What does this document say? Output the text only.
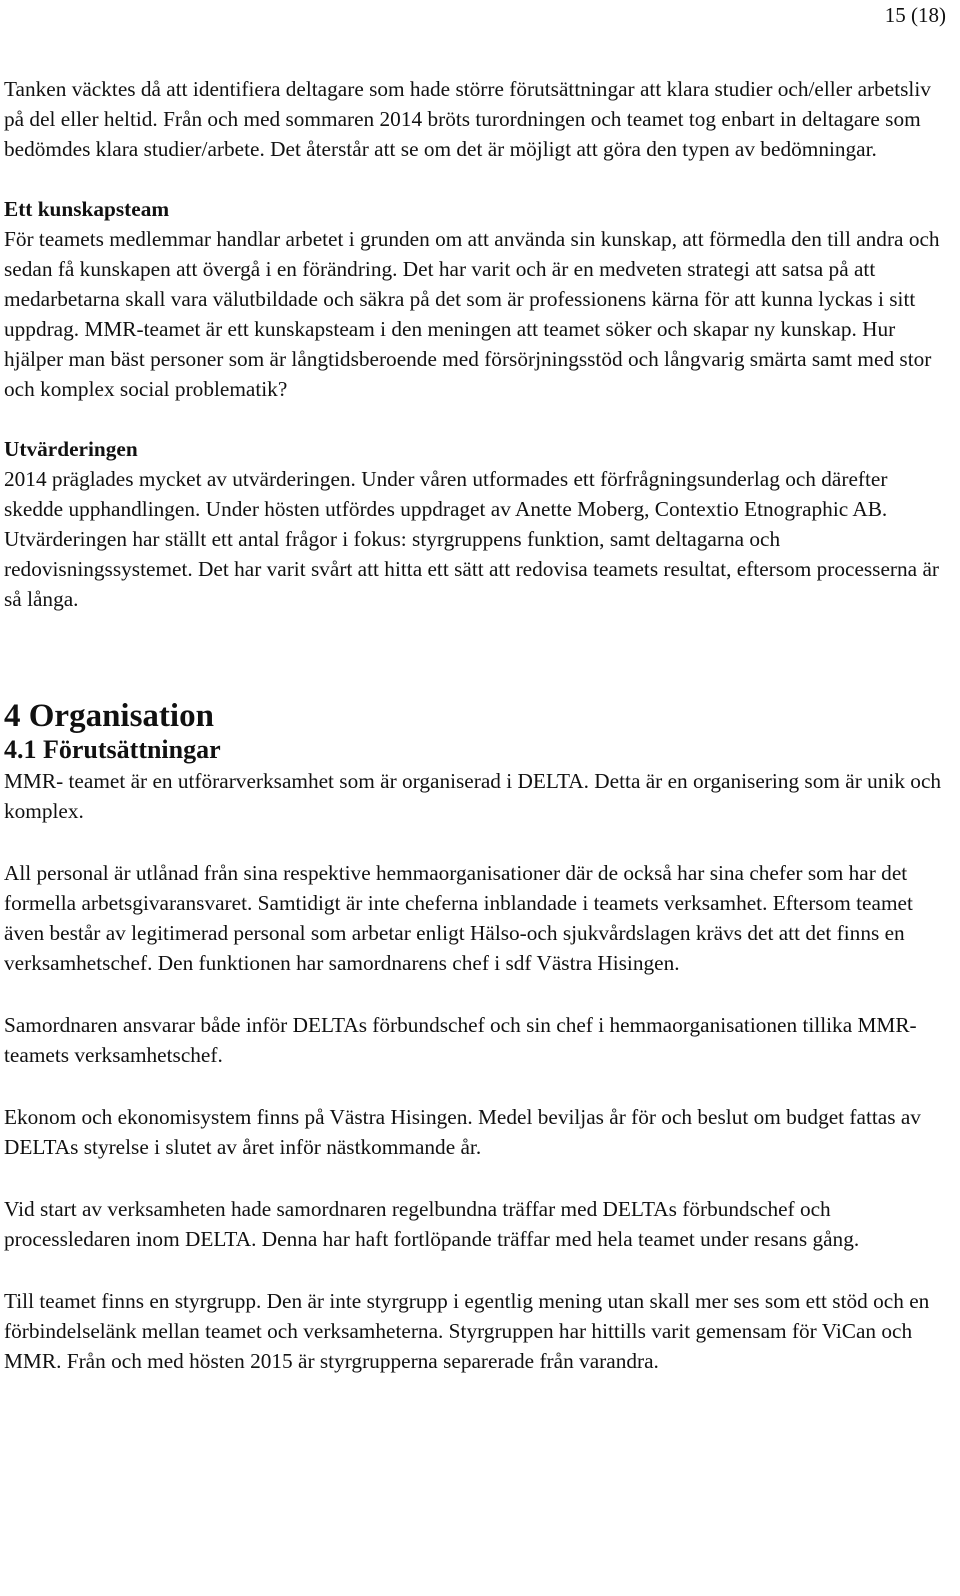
15 (18)

Tanken väcktes då att identifiera deltagare som hade större förutsättningar att klara studier och/eller arbetsliv på del eller heltid. Från och med sommaren 2014 bröts turordningen och teamet tog enbart in deltagare som bedömdes klara studier/arbete. Det återstår att se om det är möjligt att göra den typen av bedömningar.

Ett kunskapsteam

För teamets medlemmar handlar arbetet i grunden om att använda sin kunskap, att förmedla den till andra och sedan få kunskapen att övergå i en förändring. Det har varit och är en medveten strategi att satsa på att medarbetarna skall vara välutbildade och säkra på det som är professionens kärna för att kunna lyckas i sitt uppdrag. MMR-teamet är ett kunskapsteam i den meningen att teamet söker och skapar ny kunskap. Hur hjälper man bäst personer som är långtidsberoende med försörjningsstöd och långvarig smärta samt med stor och komplex social problematik?

Utvärderingen

2014 präglades mycket av utvärderingen. Under våren utformades ett förfrågningsunderlag och därefter skedde upphandlingen. Under hösten utfördes uppdraget av Anette Moberg, Contextio Etnographic AB. Utvärderingen har ställt ett antal frågor i fokus: styrgruppens funktion, samt deltagarna och redovisningssystemet. Det har varit svårt att hitta ett sätt att redovisa teamets resultat, eftersom processerna är så långa.

4 Organisation
4.1 Förutsättningar

MMR- teamet är en utförarverksamhet som är organiserad i DELTA. Detta är en organisering som är unik och komplex.

All personal är utlånad från sina respektive hemmaorganisationer där de också har sina chefer som har det formella arbetsgivaransvaret. Samtidigt är inte cheferna inblandade i teamets verksamhet. Eftersom teamet även består av legitimerad personal som arbetar enligt Hälso-och sjukvårdslagen krävs det att det finns en verksamhetschef. Den funktionen har samordnarens chef i sdf Västra Hisingen.

Samordnaren ansvarar både inför DELTAs förbundschef och sin chef i hemmaorganisationen tillika MMR-teamets verksamhetschef.

Ekonom och ekonomisystem finns på Västra Hisingen. Medel beviljas år för och beslut om budget fattas av DELTAs styrelse i slutet av året inför nästkommande år.

Vid start av verksamheten hade samordnaren regelbundna träffar med DELTAs förbundschef och processledaren inom DELTA. Denna har haft fortlöpande träffar med hela teamet under resans gång.

Till teamet finns en styrgrupp. Den är inte styrgrupp i egentlig mening utan skall mer ses som ett stöd och en förbindelselänk mellan teamet och verksamheterna. Styrgruppen har hittills varit gemensam för ViCan och MMR. Från och med hösten 2015 är styrgrupperna separerade från varandra.
